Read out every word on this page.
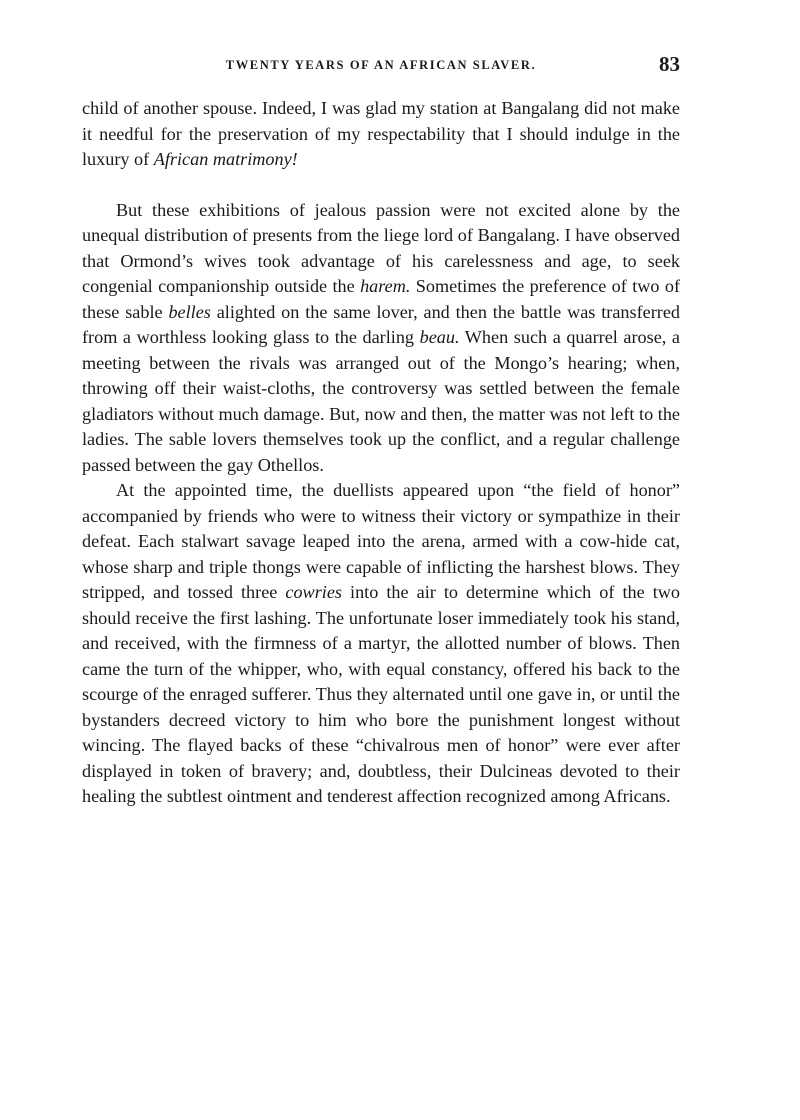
TWENTY YEARS OF AN AFRICAN SLAVER.	83

child of another spouse. Indeed, I was glad my station at Bangalang did not make it needful for the preservation of my respectability that I should indulge in the luxury of African matrimony!

But these exhibitions of jealous passion were not excited alone by the unequal distribution of presents from the liege lord of Bangalang. I have observed that Ormond’s wives took advantage of his carelessness and age, to seek congenial companionship outside the harem. Sometimes the preference of two of these sable belles alighted on the same lover, and then the battle was transferred from a worthless looking glass to the darling beau. When such a quarrel arose, a meeting between the rivals was arranged out of the Mongo’s hearing; when, throwing off their waist-cloths, the controversy was settled between the female gladiators without much damage. But, now and then, the matter was not left to the ladies. The sable lovers themselves took up the conflict, and a regular challenge passed between the gay Othellos.

At the appointed time, the duellists appeared upon “the field of honor” accompanied by friends who were to witness their victory or sympathize in their defeat. Each stalwart savage leaped into the arena, armed with a cow-hide cat, whose sharp and triple thongs were capable of inflicting the harshest blows. They stripped, and tossed three cowries into the air to determine which of the two should receive the first lashing. The unfortunate loser immediately took his stand, and received, with the firmness of a martyr, the allotted number of blows. Then came the turn of the whipper, who, with equal constancy, offered his back to the scourge of the enraged sufferer. Thus they alternated until one gave in, or until the bystanders decreed victory to him who bore the punishment longest without wincing. The flayed backs of these “chivalrous men of honor” were ever after displayed in token of bravery; and, doubtless, their Dulcineas devoted to their healing the subtlest ointment and tenderest affection recognized among Africans.
